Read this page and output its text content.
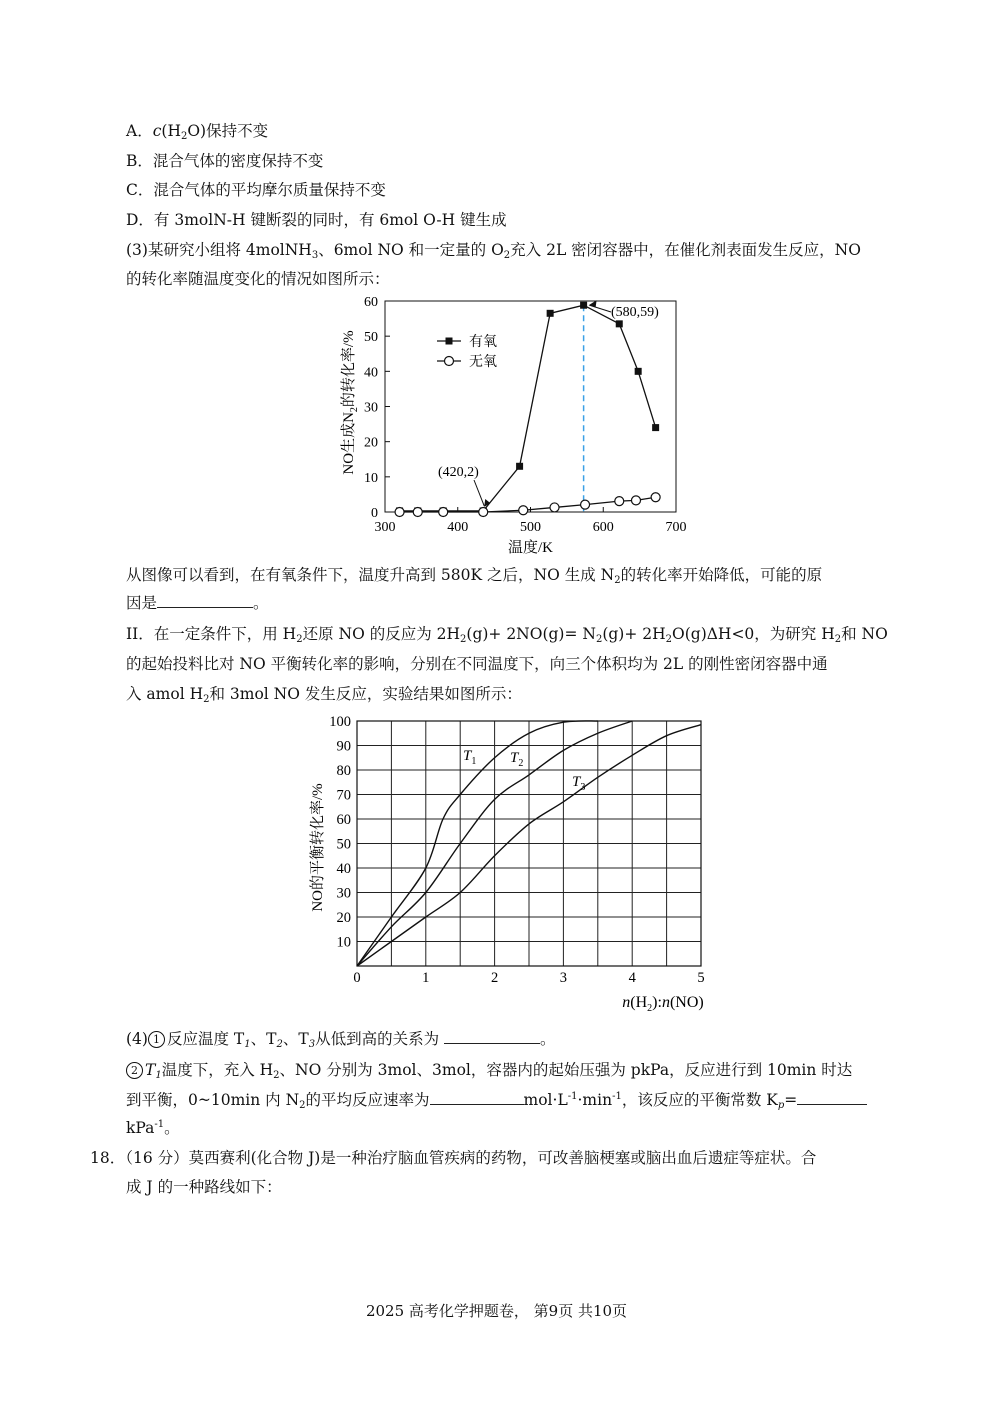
A．$c(H_2O)$保持不变
B．混合气体的密度保持不变
C．混合气体的平均摩尔质量保持不变
D．有 3molN-H 键断裂的同时，有 6mol O-H 键生成
(3)某研究小组将 4molNH$_3$、6mol NO 和一定量的 $O_2$充入 2L 密闭容器中，在催化剂表面发生反应，NO
的转化率随温度变化的情况如图所示：
300	400	500	600	700
0
10
20
30
40
50
60
温度/K
NO生成$N_2$的转化率/%	有氧
无氧
(580,59)
(420,2)
从图像可以看到，在有氧条件下，温度升高到 580K 之后，NO 生成 $N_2$的转化率开始降低，可能的原
因是	。
II．在一定条件下，用 $H_2$还原 NO 的反应为 $2H_2(g)+ 2NO(g)= N_2(g)+ 2H_2O(g)\Delta H<0$，为研究 $H_2$和 NO
的起始投料比对 NO 平衡转化率的影响，分别在不同温度下，向三个体积均为 2L 的刚性密闭容器中通
入 amol $H_2$和 3mol NO 发生反应，实验结果如图所示：
10
20
30
40
50
60
70
80
90
100
0	1	2	3	4	5
NO的平衡转化率/%
$n(H_2):n(NO)$
$T_1$ $T_2$
$T_3$
(4) 1 反应温度 $T_1$、$T_2$、$T_3$从低到高的关系为	。
2 $T_1$温度下，充入 $H_2$、NO 分别为 3mol、3mol，容器内的起始压强为 pkPa，反应进行到 10min 时达
到平衡，0~10min 内 $N_2$的平均反应速率为	$mol\cdot L^{-1}\cdot\min^{-1}$，该反应的平衡常数 $K_p=$
kPa$^{-1}$。
18．（16 分）莫西赛利(化合物 J)是一种治疗脑血管疾病的药物，可改善脑梗塞或脑出血后遗症等症状。合
成 J 的一种路线如下：
2025 高考化学押题卷， 第9页 共10页
